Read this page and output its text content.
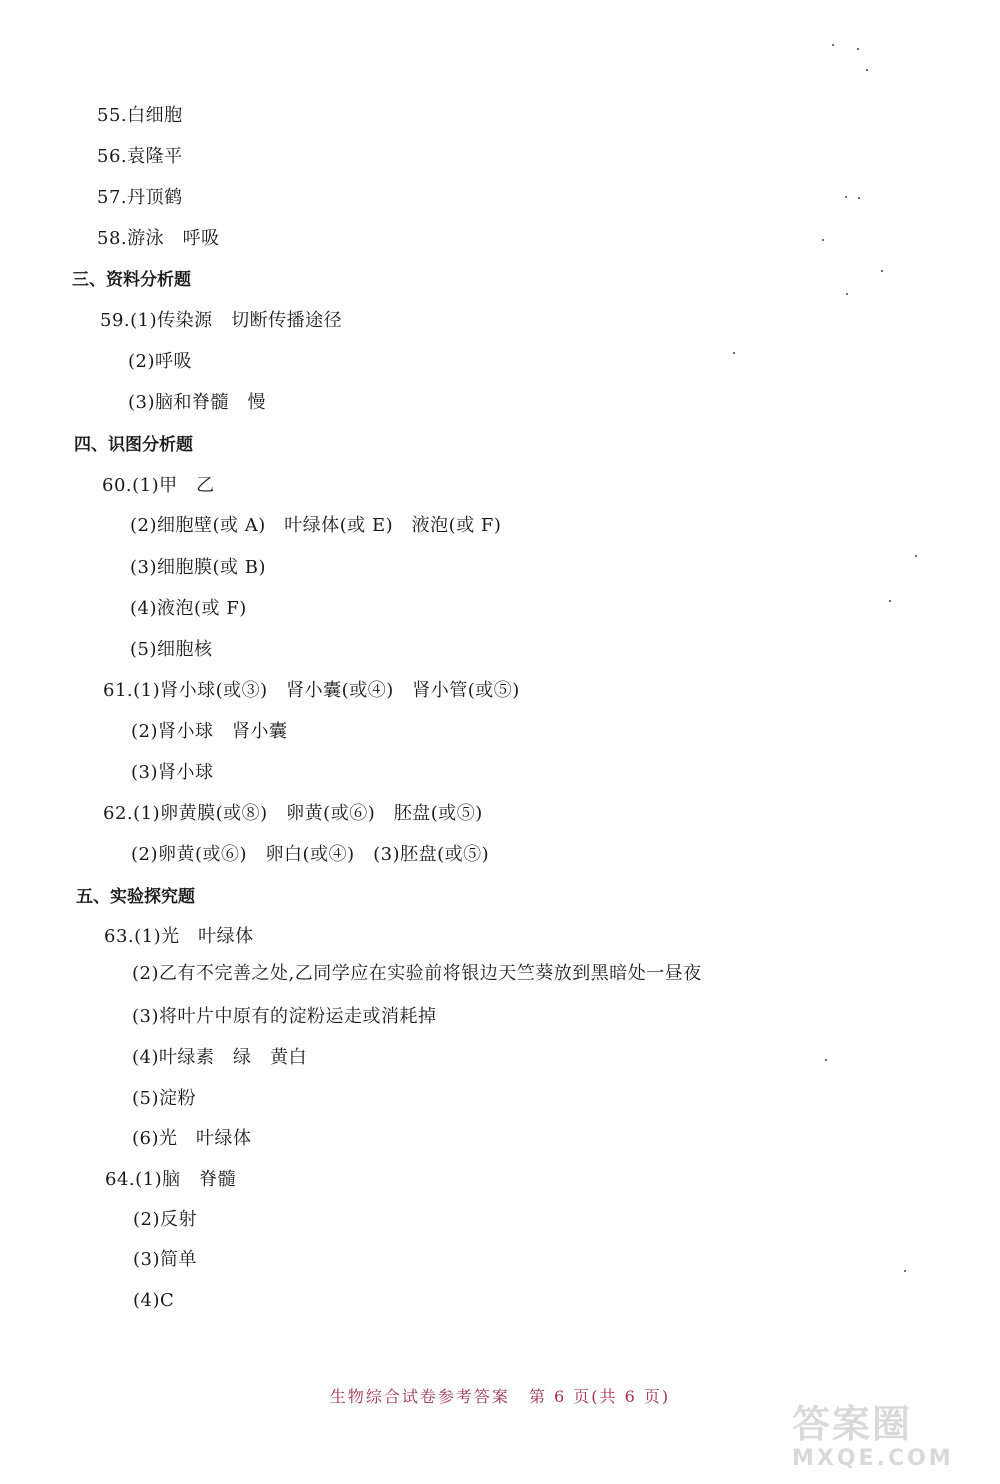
55.白细胞
56.袁隆平
57.丹顶鹤
58.游泳　呼吸
三、资料分析题
59.(1)传染源　切断传播途径
(2)呼吸
(3)脑和脊髓　慢
四、识图分析题
60.(1)甲　乙
(2)细胞壁(或 A)　叶绿体(或 E)　液泡(或 F)
(3)细胞膜(或 B)
(4)液泡(或 F)
(5)细胞核
61.(1)肾小球(或③)　肾小囊(或④)　肾小管(或⑤)
(2)肾小球　肾小囊
(3)肾小球
62.(1)卵黄膜(或⑧)　卵黄(或⑥)　胚盘(或⑤)
(2)卵黄(或⑥)　卵白(或④)　(3)胚盘(或⑤)
五、实验探究题
63.(1)光　叶绿体
(2)乙有不完善之处,乙同学应在实验前将银边天竺葵放到黑暗处一昼夜
(3)将叶片中原有的淀粉运走或消耗掉
(4)叶绿素　绿　黄白
(5)淀粉
(6)光　叶绿体
64.(1)脑　脊髓
(2)反射
(3)简单
(4)C
生物综合试卷参考答案 第 6 页(共 6 页)
答案圈
MXQE.COM
